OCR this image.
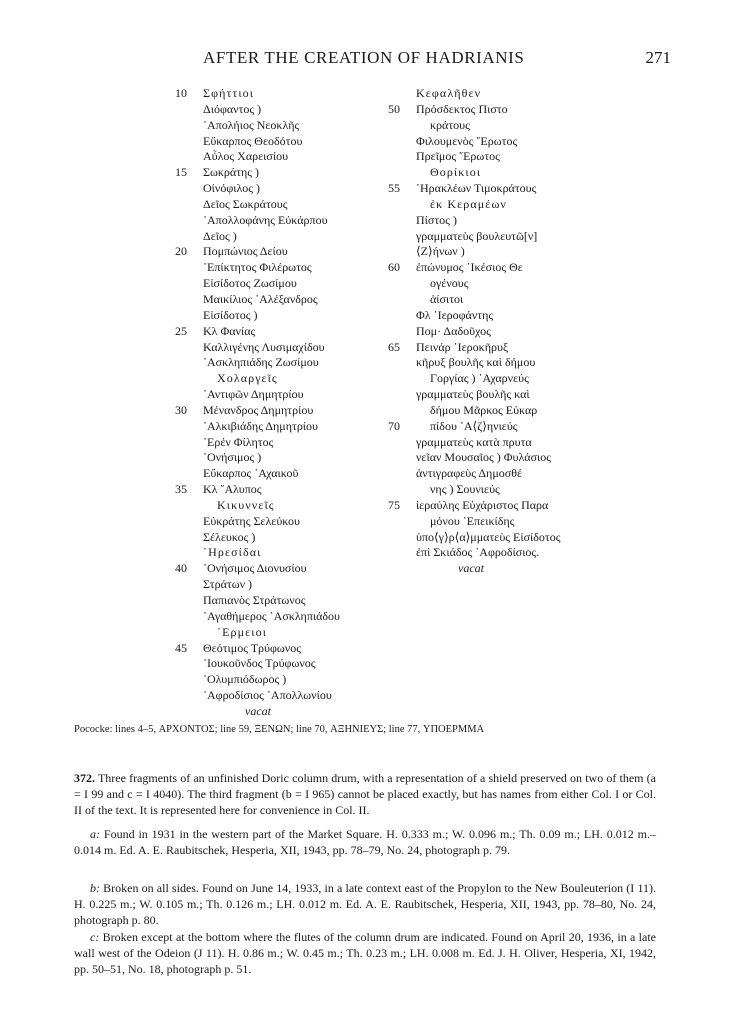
AFTER THE CREATION OF HADRIANIS	271
10	Σφήττιοι
Διόφαντος )
᾿Απολήιος Νεοκλῆς
Εὔκαρπος Θεοδότου
Αὖλος Χαρεισίου
15	Σωκράτης )
Οἰνόφιλος )
Δεῖος Σωκράτους
᾿Απολλοφάνης Εὐκάρπου
Δεῖος )
20	Πομπώνιος Δείου
᾿Επίκτητος Φιλέρωτος
Εἰσίδοτος Ζωσίμου
Μαικίλιος ᾿Αλέξανδρος
Εἰσίδοτος )
25	Κλ Φανίας
Καλλιγένης Λυσιμαχίδου
᾿Ασκληπιάδης Ζωσίμου
Χολαργεῖς
᾿Αντιφῶν Δημητρίου
30	Μένανδρος Δημητρίου
᾿Αλκιβιάδης Δημητρίου
᾿Ερέν Φίλητος
᾿Ονήσιμος )
Εὔκαρπος ᾿Αχαικοῦ
35	Κλ ῎Αλυπος
Κικυννεῖς
Εὐκράτης Σελεύκου
Σέλευκος )
῾Ηρεσίδαι
40	᾿Ονήσιμος Διονυσίου
Στράτων )
Παπιανὸς Στράτωνος
᾿Αγαθήμερος ᾿Ασκληπιάδου
῾Ερμειοι
45	Θεότιμος Τρύφωνος
᾿Ιουκοῦνδος Τρύφωνος
᾿Ολυμπιόδωρος )
᾿Αφροδίσιος ᾿Απολλωνίου
vacat
Κεφαλῆθεν
50	Πρόσδεκτος Πιστο
κράτους
Φιλουμενὸς ῎Ερωτος
Πρεῖμος ῎Ερωτος
Θορίκιοι
55	῾Ηρακλέων Τιμοκράτους
ἐκ Κεραμέων
Πίστος )
γραμματεὺς βουλευτῶ[ν]
⟨Ζ⟩ήνων )
60	ἐπώνυμος ᾿Ικέσιος Θε
ογένους
ἀίσιτοι
Φλ ῾Ιεροφάντης
Πομ· Δαδοῦχος
65	Πεινάρ ῾Ιεροκῆρυξ
κῆρυξ βουλῆς καὶ δήμου
Γοργίας ) ᾿Αχαρνεύς
γραμματεὺς βουλῆς καὶ
δήμου Μᾶρκος Εὐκαρ
70	πίδου ᾿Α⟨ζ⟩ηνιεύς
γραμματεὺς κατὰ πρυτα
νεῖαν Μουσαῖος ) Φυλάσιος
ἀντιγραφεὺς Δημοσθέ
νης ) Σουνιεύς
75	ἱεραύλης Εὐχάριστος Παρα
μόνου ᾿Επεικίδης
ὑπο⟨γ⟩ρ⟨α⟩μματεὺς Εἰσίδοτος
ἐπὶ Σκιάδος ᾿Αφροδίσιος.
vacat
Pococke: lines 4–5, ΑΡΧΟΝΤΟΣ; line 59, ΞΕΝΩΝ; line 70, ΑΞΗΝΙΕΥΣ; line 77, ΥΠΟΕΡΜΜΑ
372. Three fragments of an unfinished Doric column drum, with a representation of a shield preserved on two of them (a = I 99 and c = I 4040). The third fragment (b = I 965) cannot be placed exactly, but has names from either Col. I or Col. II of the text. It is represented here for convenience in Col. II.
a: Found in 1931 in the western part of the Market Square. H. 0.333 m.; W. 0.096 m.; Th. 0.09 m.; LH. 0.012 m.–0.014 m. Ed. A. E. Raubitschek, Hesperia, XII, 1943, pp. 78–79, No. 24, photograph p. 79.
b: Broken on all sides. Found on June 14, 1933, in a late context east of the Propylon to the New Bouleuterion (I 11). H. 0.225 m.; W. 0.105 m.; Th. 0.126 m.; LH. 0.012 m. Ed. A. E. Raubitschek, Hesperia, XII, 1943, pp. 78–80, No. 24, photograph p. 80.
c: Broken except at the bottom where the flutes of the column drum are indicated. Found on April 20, 1936, in a late wall west of the Odeion (J 11). H. 0.86 m.; W. 0.45 m.; Th. 0.23 m.; LH. 0.008 m. Ed. J. H. Oliver, Hesperia, XI, 1942, pp. 50–51, No. 18, photograph p. 51.
